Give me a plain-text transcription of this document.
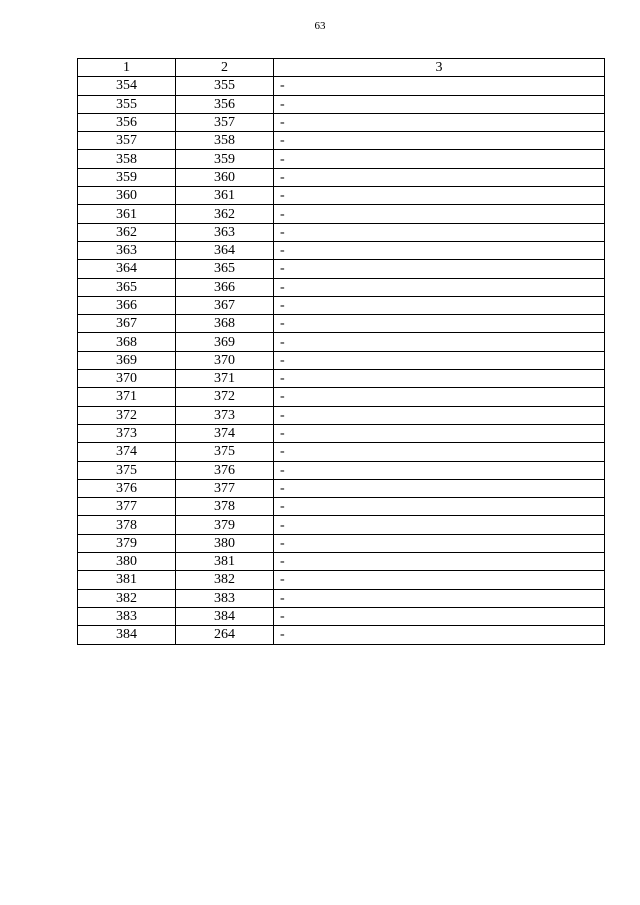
63
1	2	3
354	355	-
355	356	-
356	357	-
357	358	-
358	359	-
359	360	-
360	361	-
361	362	-
362	363	-
363	364	-
364	365	-
365	366	-
366	367	-
367	368	-
368	369	-
369	370	-
370	371	-
371	372	-
372	373	-
373	374	-
374	375	-
375	376	-
376	377	-
377	378	-
378	379	-
379	380	-
380	381	-
381	382	-
382	383	-
383	384	-
384	264	-
